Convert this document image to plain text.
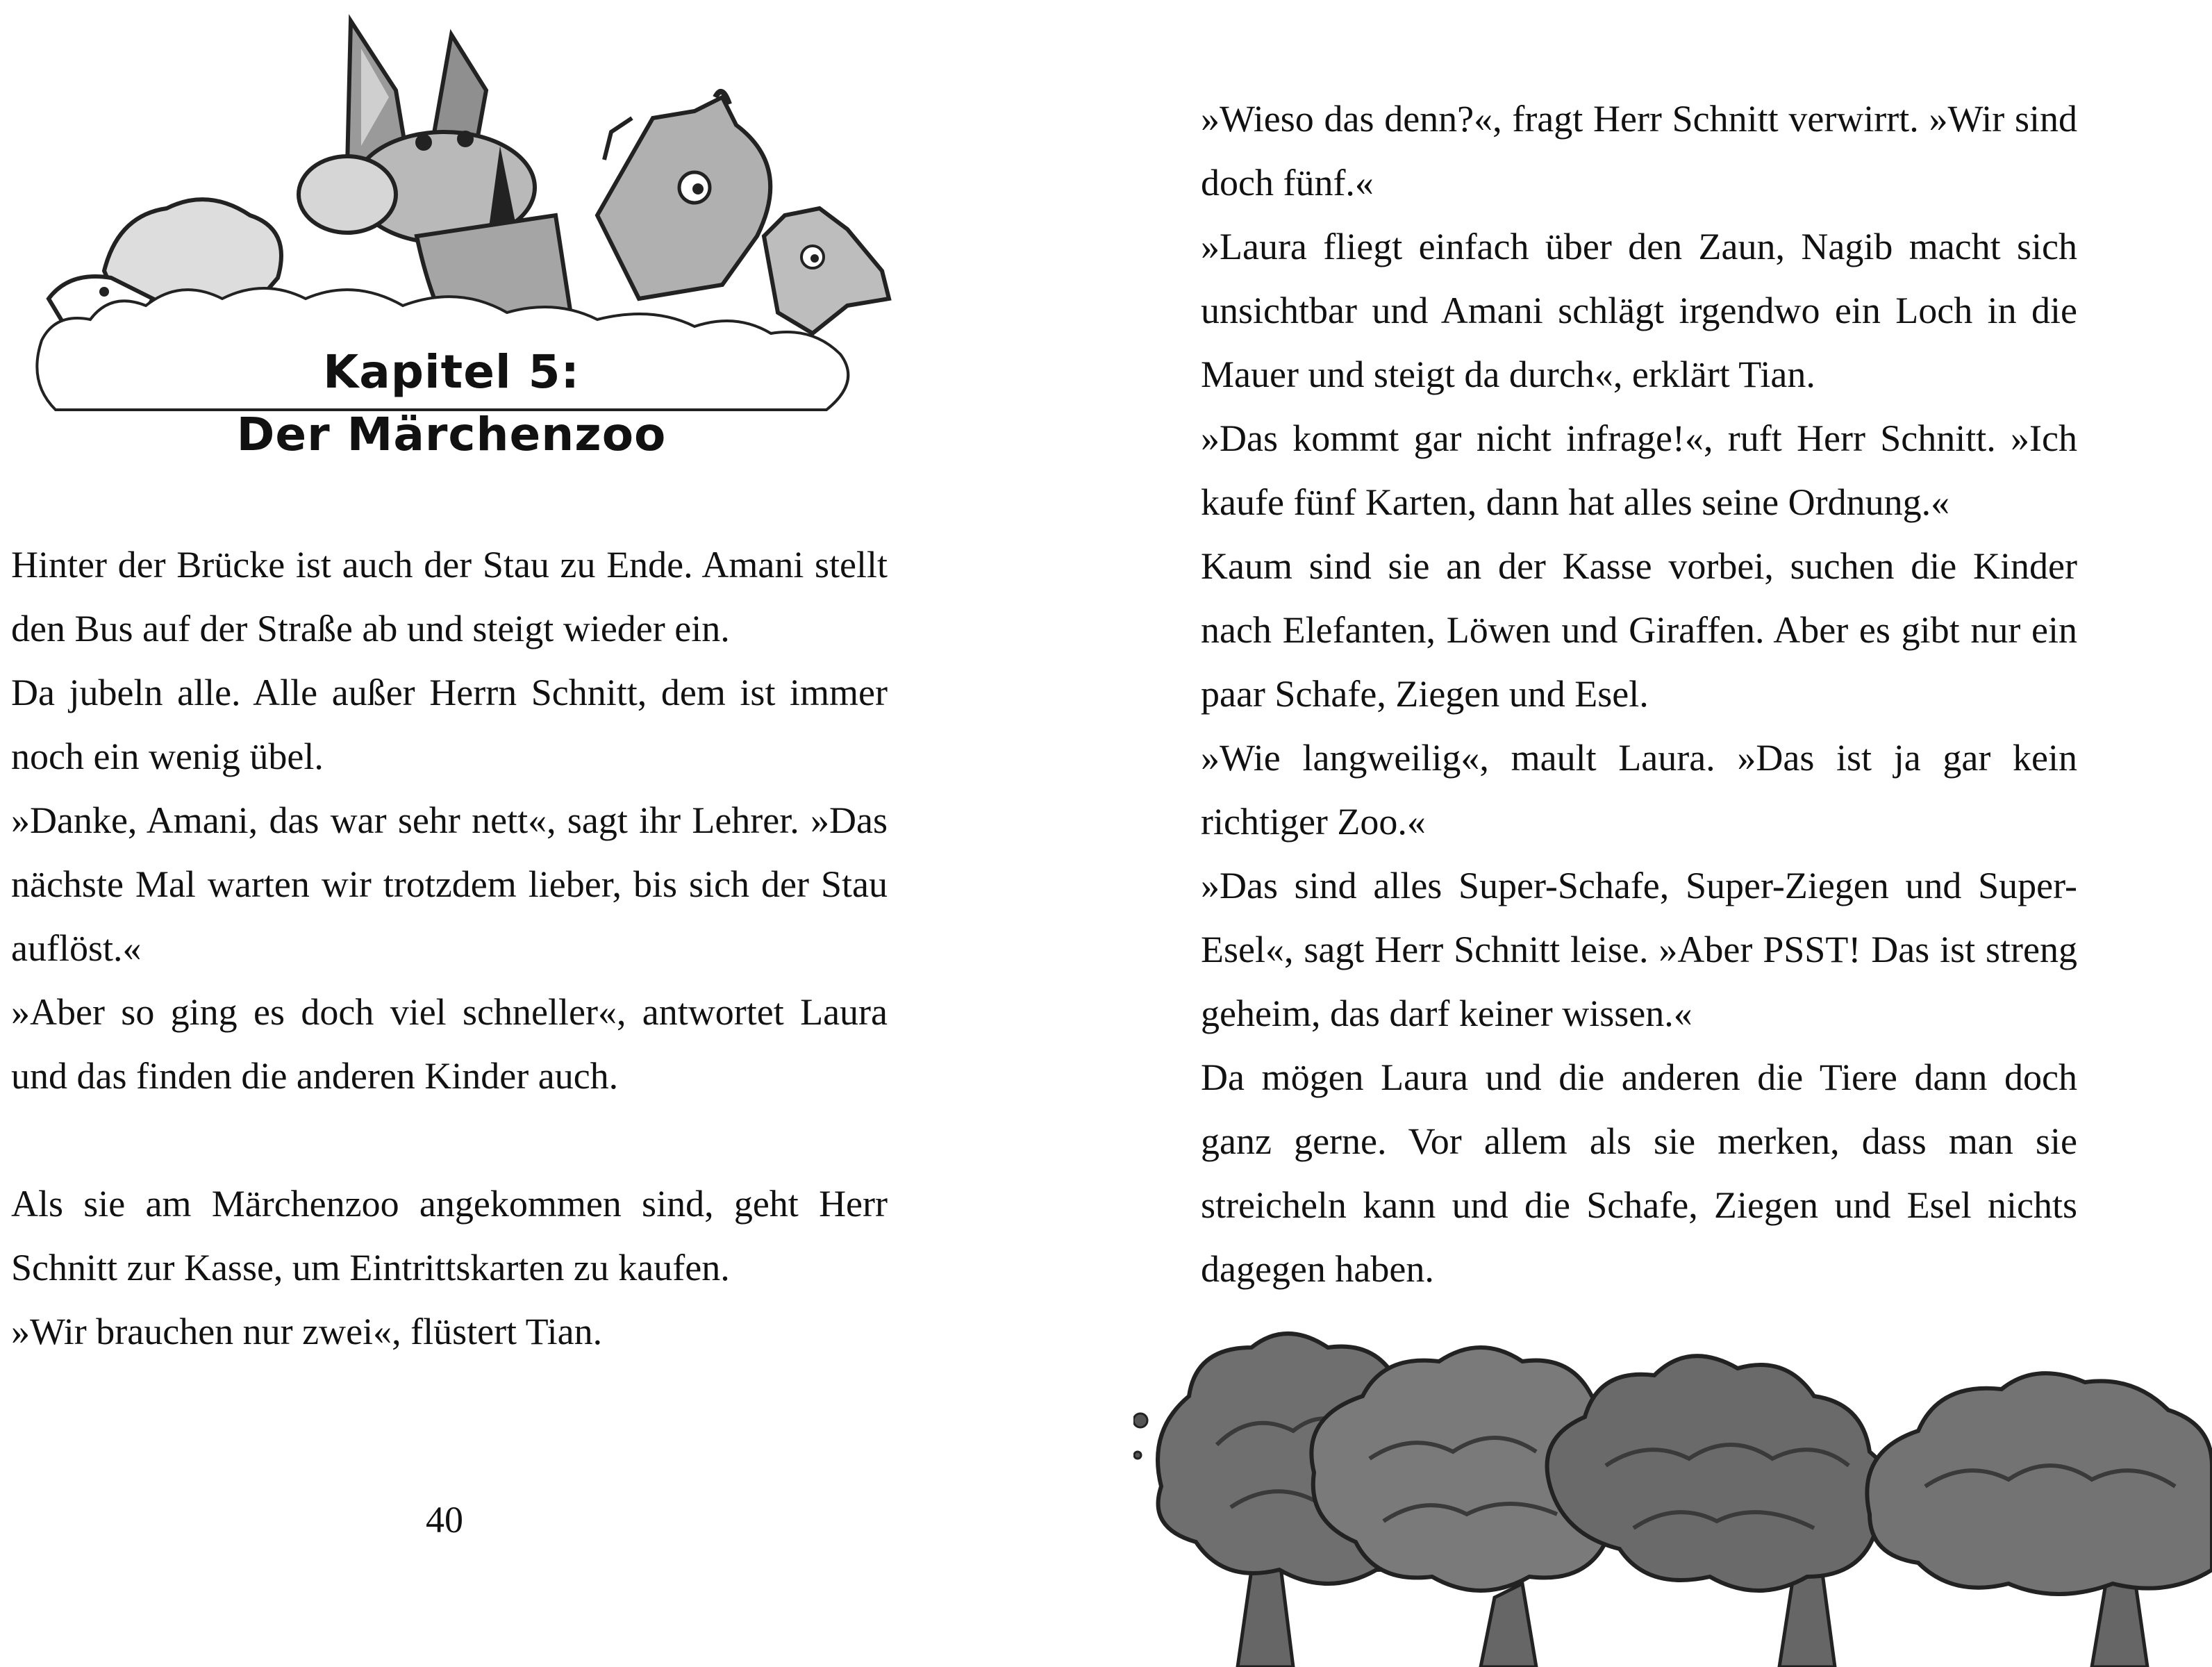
Kapitel 5:
Der Märchenzoo

Hinter der Brücke ist auch der Stau zu Ende. Amani stellt den Bus auf der Straße ab und steigt wieder ein.

Da jubeln alle. Alle außer Herrn Schnitt, dem ist immer noch ein wenig übel.

»Danke, Amani, das war sehr nett«, sagt ihr Lehrer. »Das nächste Mal warten wir trotzdem lieber, bis sich der Stau auflöst.«

»Aber so ging es doch viel schneller«, antwortet Laura und das finden die anderen Kinder auch.

Als sie am Märchenzoo angekommen sind, geht Herr Schnitt zur Kasse, um Eintrittskarten zu kaufen.

»Wir brauchen nur zwei«, flüstert Tian.

40

»Wieso das denn?«, fragt Herr Schnitt verwirrt. »Wir sind doch fünf.«

»Laura fliegt einfach über den Zaun, Nagib macht sich unsichtbar und Amani schlägt irgendwo ein Loch in die Mauer und steigt da durch«, erklärt Tian.

»Das kommt gar nicht infrage!«, ruft Herr Schnitt. »Ich kaufe fünf Karten, dann hat alles seine Ordnung.«

Kaum sind sie an der Kasse vorbei, suchen die Kinder nach Elefanten, Löwen und Giraffen. Aber es gibt nur ein paar Schafe, Ziegen und Esel.

»Wie langweilig«, mault Laura. »Das ist ja gar kein richtiger Zoo.«

»Das sind alles Super-Schafe, Super-Ziegen und Super-Esel«, sagt Herr Schnitt leise. »Aber PSST! Das ist streng geheim, das darf keiner wissen.«

Da mögen Laura und die anderen die Tiere dann doch ganz gerne. Vor allem als sie merken, dass man sie streicheln kann und die Schafe, Ziegen und Esel nichts dagegen haben.
